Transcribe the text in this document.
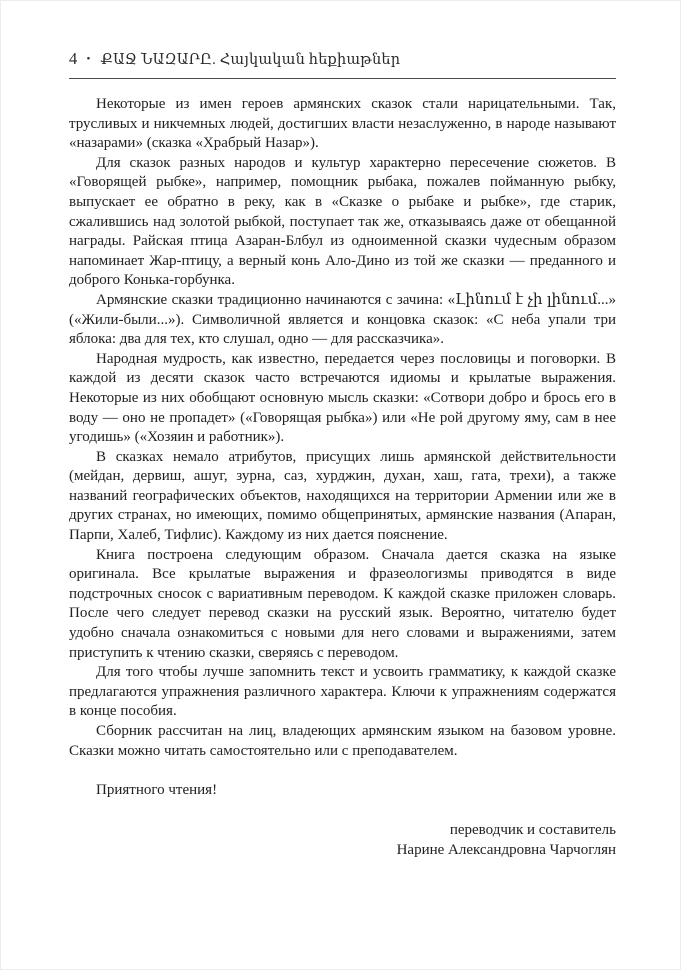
4 • ՔԱՋ ՆԱԶԱՐԸ. Հայկական հեքիաթներ

Некоторые из имен героев армянских сказок стали нарицательными. Так, трусливых и никчемных людей, достигших власти незаслуженно, в народе называют «назарами» (сказка «Храбрый Назар»).

Для сказок разных народов и культур характерно пересечение сюжетов. В «Говорящей рыбке», например, помощник рыбака, пожалев пойманную рыбку, выпускает ее обратно в реку, как в «Сказке о рыбаке и рыбке», где старик, сжалившись над золотой рыбкой, поступает так же, отказываясь даже от обещанной награды. Райская птица Азаран-Блбул из одноименной сказки чудесным образом напоминает Жар-птицу, а верный конь Ало-Дино из той же сказки — преданного и доброго Конька-горбунка.

Армянские сказки традиционно начинаются с зачина: «Լինում է չի լինում...» («Жили-были...»). Символичной является и концовка сказок: «С неба упали три яблока: два для тех, кто слушал, одно — для рассказчика».

Народная мудрость, как известно, передается через пословицы и поговорки. В каждой из десяти сказок часто встречаются идиомы и крылатые выражения. Некоторые из них обобщают основную мысль сказки: «Сотвори добро и брось его в воду — оно не пропадет» («Говорящая рыбка») или «Не рой другому яму, сам в нее угодишь» («Хозяин и работник»).

В сказках немало атрибутов, присущих лишь армянской действительности (мейдан, дервиш, ашуг, зурна, саз, хурджин, духан, хаш, гата, трехи), а также названий географических объектов, находящихся на территории Армении или же в других странах, но имеющих, помимо общепринятых, армянские названия (Апаран, Парпи, Халеб, Тифлис). Каждому из них дается пояснение.

Книга построена следующим образом. Сначала дается сказка на языке оригинала. Все крылатые выражения и фразеологизмы приводятся в виде подстрочных сносок с вариативным переводом. К каждой сказке приложен словарь. После чего следует перевод сказки на русский язык. Вероятно, читателю будет удобно сначала ознакомиться с новыми для него словами и выражениями, затем приступить к чтению сказки, сверяясь с переводом.

Для того чтобы лучше запомнить текст и усвоить грамматику, к каждой сказке предлагаются упражнения различного характера. Ключи к упражнениям содержатся в конце пособия.

Сборник рассчитан на лиц, владеющих армянским языком на базовом уровне. Сказки можно читать самостоятельно или с преподавателем.

Приятного чтения!

переводчик и составитель

Нарине Александровна Чарчоглян
